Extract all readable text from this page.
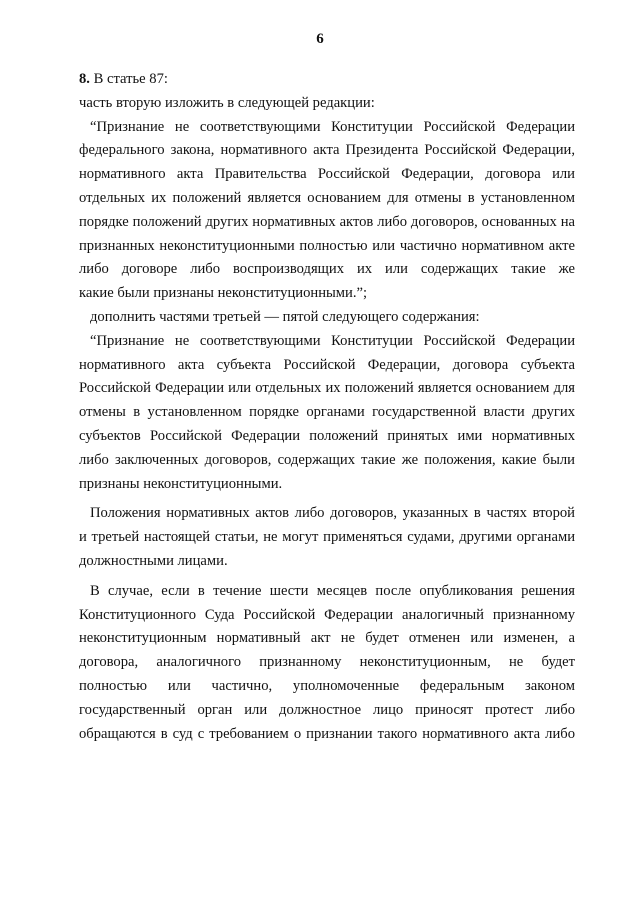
6
8. В статье 87:
часть вторую изложить в следующей редакции:
“Признание не соответствующими Конституции Российской Федерации
федерального закона, нормативного акта Президента Российской Федерации,
нормативного акта Правительства Российской Федерации, договора или
отдельных их положений является основанием для отмены в установленном
порядке положений других нормативных актов либо договоров, основанных на
признанных неконституционными полностью или частично нормативном акте
либо договоре либо воспроизводящих их или содержащих такие же
какие были признаны неконституционными.”;
дополнить частями третьей — пятой следующего содержания:
“Признание не соответствующими Конституции Российской Федерации
нормативного акта субъекта Российской Федерации, договора субъекта
Российской Федерации или отдельных их положений является основанием для
отмены в установленном порядке органами государственной власти других
субъектов Российской Федерации положений принятых ими нормативных
либо заключенных договоров, содержащих такие же положения, какие были
признаны неконституционными.
Положения нормативных актов либо договоров, указанных в частях второй
и третьей настоящей статьи, не могут применяться судами, другими органами
должностными лицами.
В случае, если в течение шести месяцев после опубликования решения
Конституционного Суда Российской Федерации аналогичный признанному
неконституционным нормативный акт не будет отменен или изменен, а
договора, аналогичного признанному неконституционным, не будет
полностью или частично, уполномоченные федеральным законом
государственный орган или должностное лицо приносят протест либо
обращаются в суд с требованием о признании такого нормативного акта либо
